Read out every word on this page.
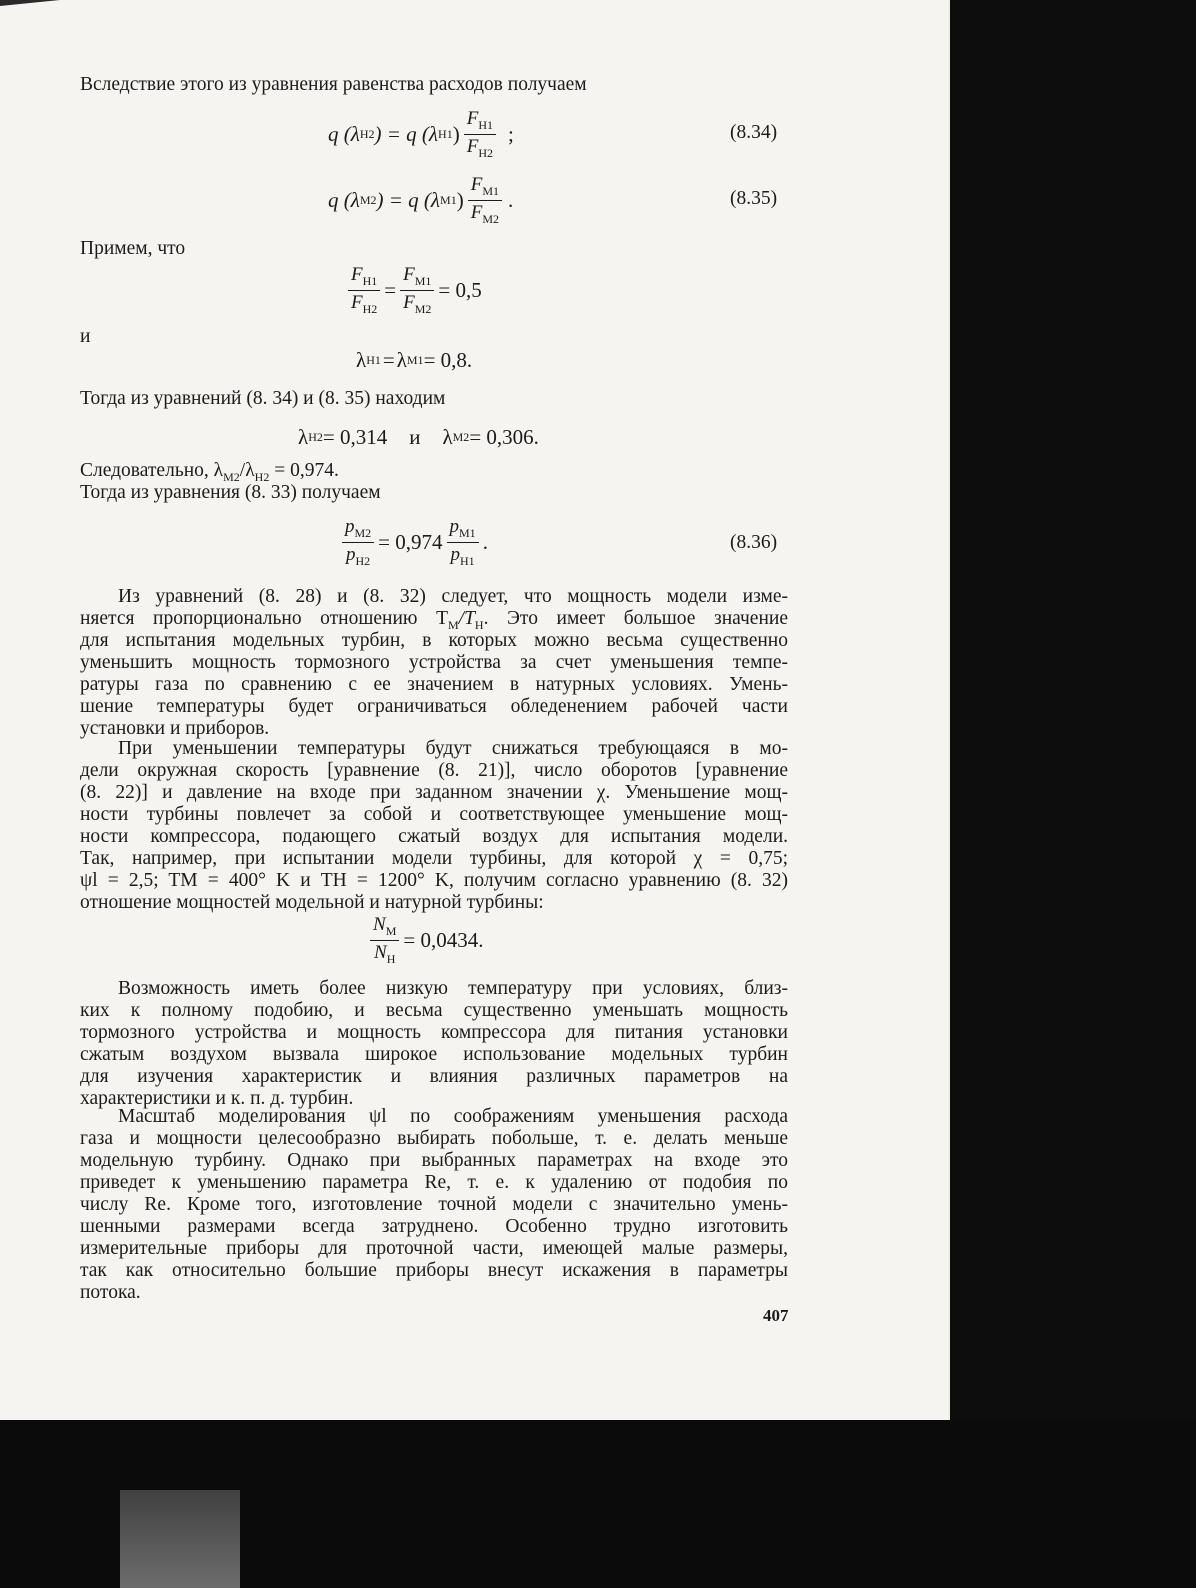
Вследствие этого из уравнения равенства расходов получаем
q (λ Н2 ) = q (λ Н1 ) $\frac{F_{Н1}}{F_{Н2}}$ ;	(8.34)
q (λ М2 ) = q (λ М1 ) $\frac{F_{М1}}{F_{М2}}$ .	(8.35)
Примем, что
$\frac{F_{Н1}}{F_{Н2}} = \frac{F_{М1}}{F_{М2}} = 0,5$
и
λ Н1 = λ М1 = 0,8.
Тогда из уравнений (8. 34) и (8. 35) находим
λ Н2 = 0,314 и λ М2 = 0,306.
Следовательно, $\lambda_{М2}/\lambda_{Н2} = 0,974$.
Тогда из уравнения (8. 33) получаем
$\frac{p_{М2}}{p_{Н2}} = 0,974 \frac{p_{М1}}{p_{Н1}}$ .	(8.36)
Из уравнений (8. 28) и (8. 32) следует, что мощность модели изме-
няется пропорционально отношению $T_М/T_Н$. Это имеет большое значение
для испытания модельных турбин, в которых можно весьма существенно
уменьшить мощность тормозного устройства за счет уменьшения темпе-
ратуры газа по сравнению с ее значением в натурных условиях. Умень-
шение температуры будет ограничиваться обледенением рабочей части
установки и приборов.
При уменьшении температуры будут снижаться требующаяся в мо-
дели окружная скорость [уравнение (8. 21)], число оборотов [уравнение
(8. 22)] и давление на входе при заданном значении χ. Уменьшение мощ-
ности турбины повлечет за собой и соответствующее уменьшение мощ-
ности компрессора, подающего сжатый воздух для испытания модели.
Так, например, при испытании модели турбины, для которой χ = 0,75;
ψl = 2,5; TМ = 400° K и TН = 1200° K, получим согласно уравнению (8. 32)
отношение мощностей модельной и натурной турбины:
$\frac{N_М}{N_Н} = 0,0434$.
Возможность иметь более низкую температуру при условиях, близ-
ких к полному подобию, и весьма существенно уменьшать мощность
тормозного устройства и мощность компрессора для питания установки
сжатым воздухом вызвала широкое использование модельных турбин
для изучения характеристик и влияния различных параметров на
характеристики и к. п. д. турбин.
Масштаб моделирования ψl по соображениям уменьшения расхода
газа и мощности целесообразно выбирать побольше, т. е. делать меньше
модельную турбину. Однако при выбранных параметрах на входе это
приведет к уменьшению параметра Re, т. е. к удалению от подобия по
числу Re. Кроме того, изготовление точной модели с значительно умень-
шенными размерами всегда затруднено. Особенно трудно изготовить
измерительные приборы для проточной части, имеющей малые размеры,
так как относительно большие приборы внесут искажения в параметры
потока.
407
